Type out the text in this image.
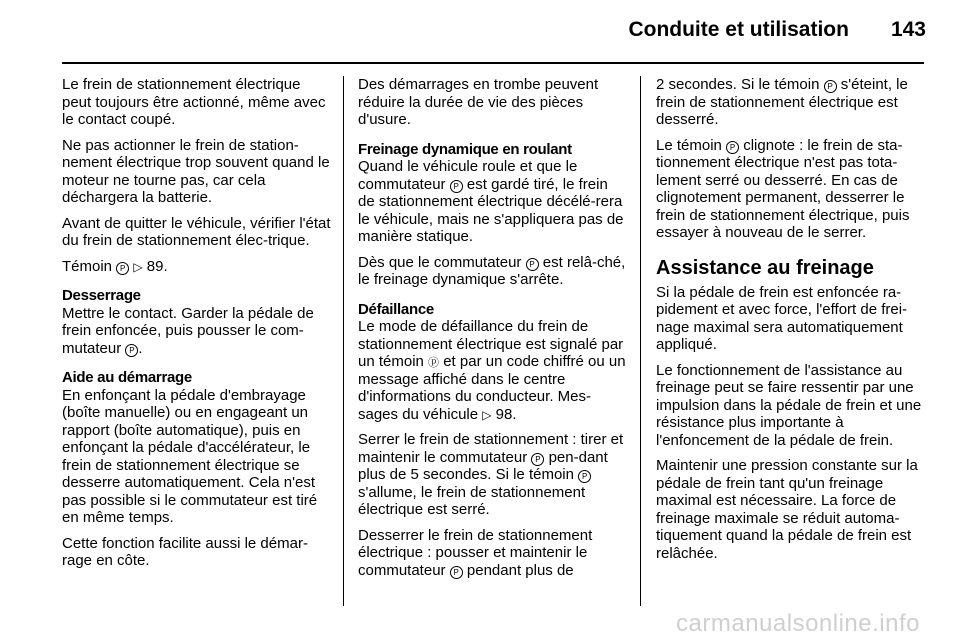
Conduite et utilisation 143

Le frein de stationnement électrique peut toujours être actionné, même avec le contact coupé.

Ne pas actionner le frein de station-nement électrique trop souvent quand le moteur ne tourne pas, car cela déchargera la batterie.

Avant de quitter le véhicule, vérifier l'état du frein de stationnement élec-trique.

Témoin P ▷ 89.

Desserrage

Mettre le contact. Garder la pédale de frein enfoncée, puis pousser le com-mutateur P .

Aide au démarrage

En enfonçant la pédale d'embrayage (boîte manuelle) ou en engageant un rapport (boîte automatique), puis en enfonçant la pédale d'accélérateur, le frein de stationnement électrique se desserre automatiquement. Cela n'est pas possible si le commutateur est tiré en même temps.

Cette fonction facilite aussi le démar-rage en côte.

Des démarrages en trombe peuvent réduire la durée de vie des pièces d'usure.

Freinage dynamique en roulant

Quand le véhicule roule et que le commutateur P est gardé tiré, le frein de stationnement électrique décélé-rera le véhicule, mais ne s'appliquera pas de manière statique.

Dès que le commutateur P est relâ-ché, le freinage dynamique s'arrête.

Défaillance

Le mode de défaillance du frein de stationnement électrique est signalé par un témoin ⓟ et par un code chiffré ou un message affiché dans le centre d'informations du conducteur. Mes-sages du véhicule ▷ 98.

Serrer le frein de stationnement : tirer et maintenir le commutateur P pen-dant plus de 5 secondes. Si le témoin P s'allume, le frein de stationnement électrique est serré.

Desserrer le frein de stationnement électrique : pousser et maintenir le commutateur P pendant plus de

2 secondes. Si le témoin P s'éteint, le frein de stationnement électrique est desserré.

Le témoin P clignote : le frein de sta-tionnement électrique n'est pas tota-lement serré ou desserré. En cas de clignotement permanent, desserrer le frein de stationnement électrique, puis essayer à nouveau de le serrer.

Assistance au freinage

Si la pédale de frein est enfoncée ra-pidement et avec force, l'effort de frei-nage maximal sera automatiquement appliqué.

Le fonctionnement de l'assistance au freinage peut se faire ressentir par une impulsion dans la pédale de frein et une résistance plus importante à l'enfoncement de la pédale de frein.

Maintenir une pression constante sur la pédale de frein tant qu'un freinage maximal est nécessaire. La force de freinage maximale se réduit automa-tiquement quand la pédale de frein est relâchée.

carmanualsonline.info
